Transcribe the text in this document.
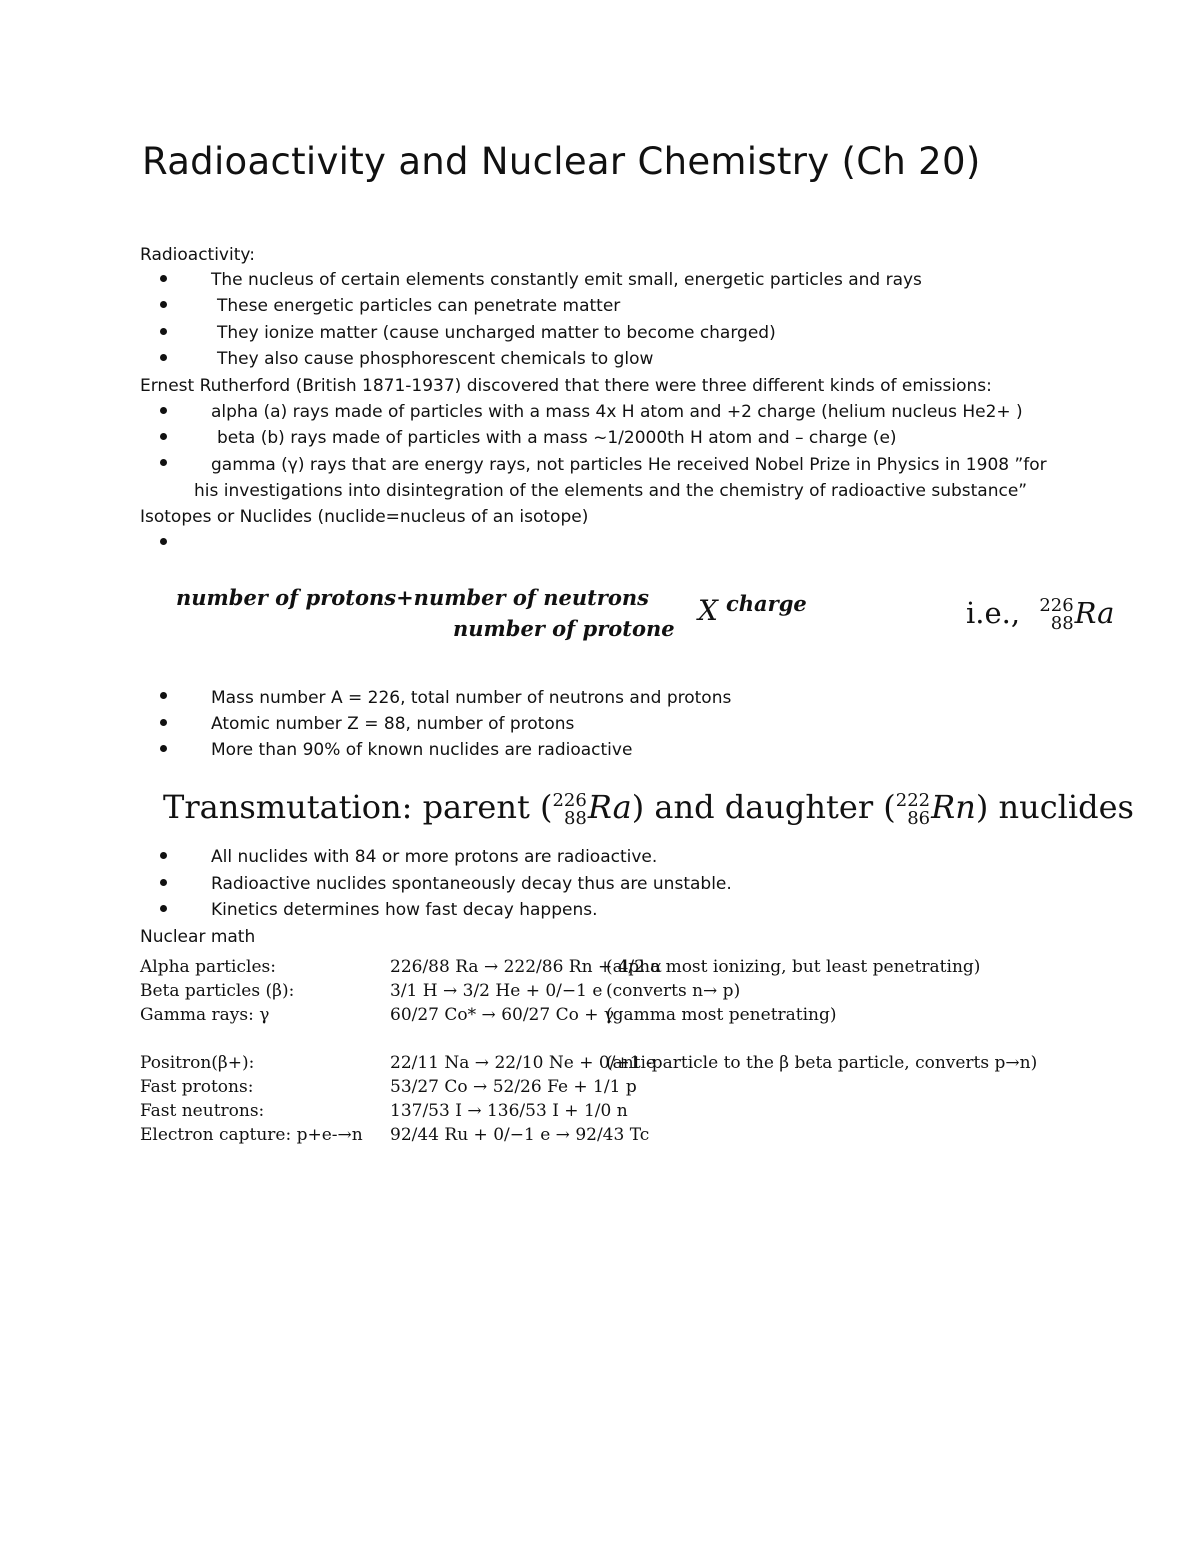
Radioactivity and Nuclear Chemistry (Ch 20)
Radioactivity:
The nucleus of certain elements constantly emit small, energetic particles and rays
These energetic particles can penetrate matter
They ionize matter (cause uncharged matter to become charged)
They also cause phosphorescent chemicals to glow
Ernest Rutherford (British 1871-1937) discovered that there were three different kinds of emissions:
alpha (a) rays made of particles with a mass 4x H atom and +2 charge (helium nucleus He2+ )
beta (b) rays made of particles with a mass ~1/2000th H atom and – charge (e)
gamma (γ) rays that are energy rays, not particles He received Nobel Prize in Physics in 1908 ”for
his investigations into disintegration of the elements and the chemistry of radioactive substance”
Isotopes or Nuclides (nuclide=nucleus of an isotope)
number of protons+number of neutrons
number of protone
X charge	i.e., 226
88 Ra
Mass number A = 226, total number of neutrons and protons
Atomic number Z = 88, number of protons
More than 90% of known nuclides are radioactive
Transmutation: parent ( 226
88 Ra) and daughter ( 222
86 Rn) nuclides
All nuclides with 84 or more protons are radioactive.
Radioactive nuclides spontaneously decay thus are unstable.
Kinetics determines how fast decay happens.
Nuclear math
Alpha particles:	226/88 Ra → 222/86 Rn + 4/2 α
(alpha most ionizing, but least penetrating)
Beta particles (β):	3/1 H → 3/2 He + 0/−1 e (converts n→ p)
Gamma rays: γ	60/27 Co* → 60/27 Co + γ
(gamma most penetrating)
Positron(β+):	22/11 Na → 22/10 Ne + 0/+1 e
(anti-particle to the β beta particle, converts p→n)
Fast protons:	53/27 Co → 52/26 Fe + 1/1 p
Fast neutrons:	137/53 I → 136/53 I + 1/0 n
Electron capture: p+e-→n 92/44 Ru + 0/−1 e → 92/43 Tc
